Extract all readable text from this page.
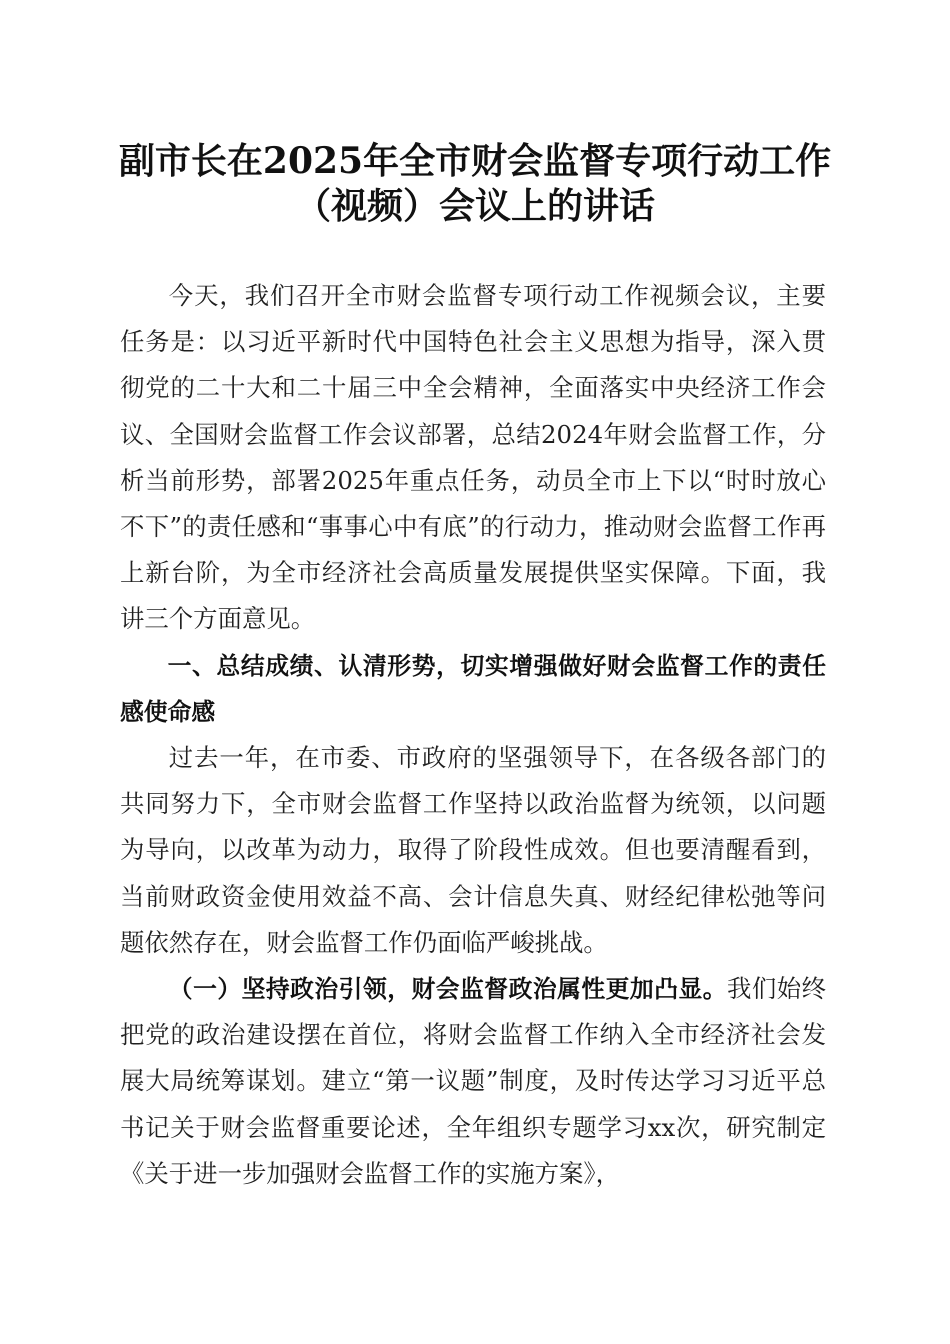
副市长在2025年全市财会监督专项行动工作
（视频）会议上的讲话

今天，我们召开全市财会监督专项行动工作视频会议，主要任务是：以习近平新时代中国特色社会主义思想为指导，深入贯彻党的二十大和二十届三中全会精神，全面落实中央经济工作会议、全国财会监督工作会议部署，总结2024年财会监督工作，分析当前形势，部署2025年重点任务，动员全市上下以“时时放心不下”的责任感和“事事心中有底”的行动力，推动财会监督工作再上新台阶，为全市经济社会高质量发展提供坚实保障。下面，我讲三个方面意见。

一、总结成绩、认清形势，切实增强做好财会监督工作的责任感使命感

过去一年，在市委、市政府的坚强领导下，在各级各部门的共同努力下，全市财会监督工作坚持以政治监督为统领，以问题为导向，以改革为动力，取得了阶段性成效。但也要清醒看到，当前财政资金使用效益不高、会计信息失真、财经纪律松弛等问题依然存在，财会监督工作仍面临严峻挑战。

（一）坚持政治引领，财会监督政治属性更加凸显。我们始终把党的政治建设摆在首位，将财会监督工作纳入全市经济社会发展大局统筹谋划。建立“第一议题”制度，及时传达学习习近平总书记关于财会监督重要论述，全年组织专题学习xx次，研究制定《关于进一步加强财会监督工作的实施方案》，
